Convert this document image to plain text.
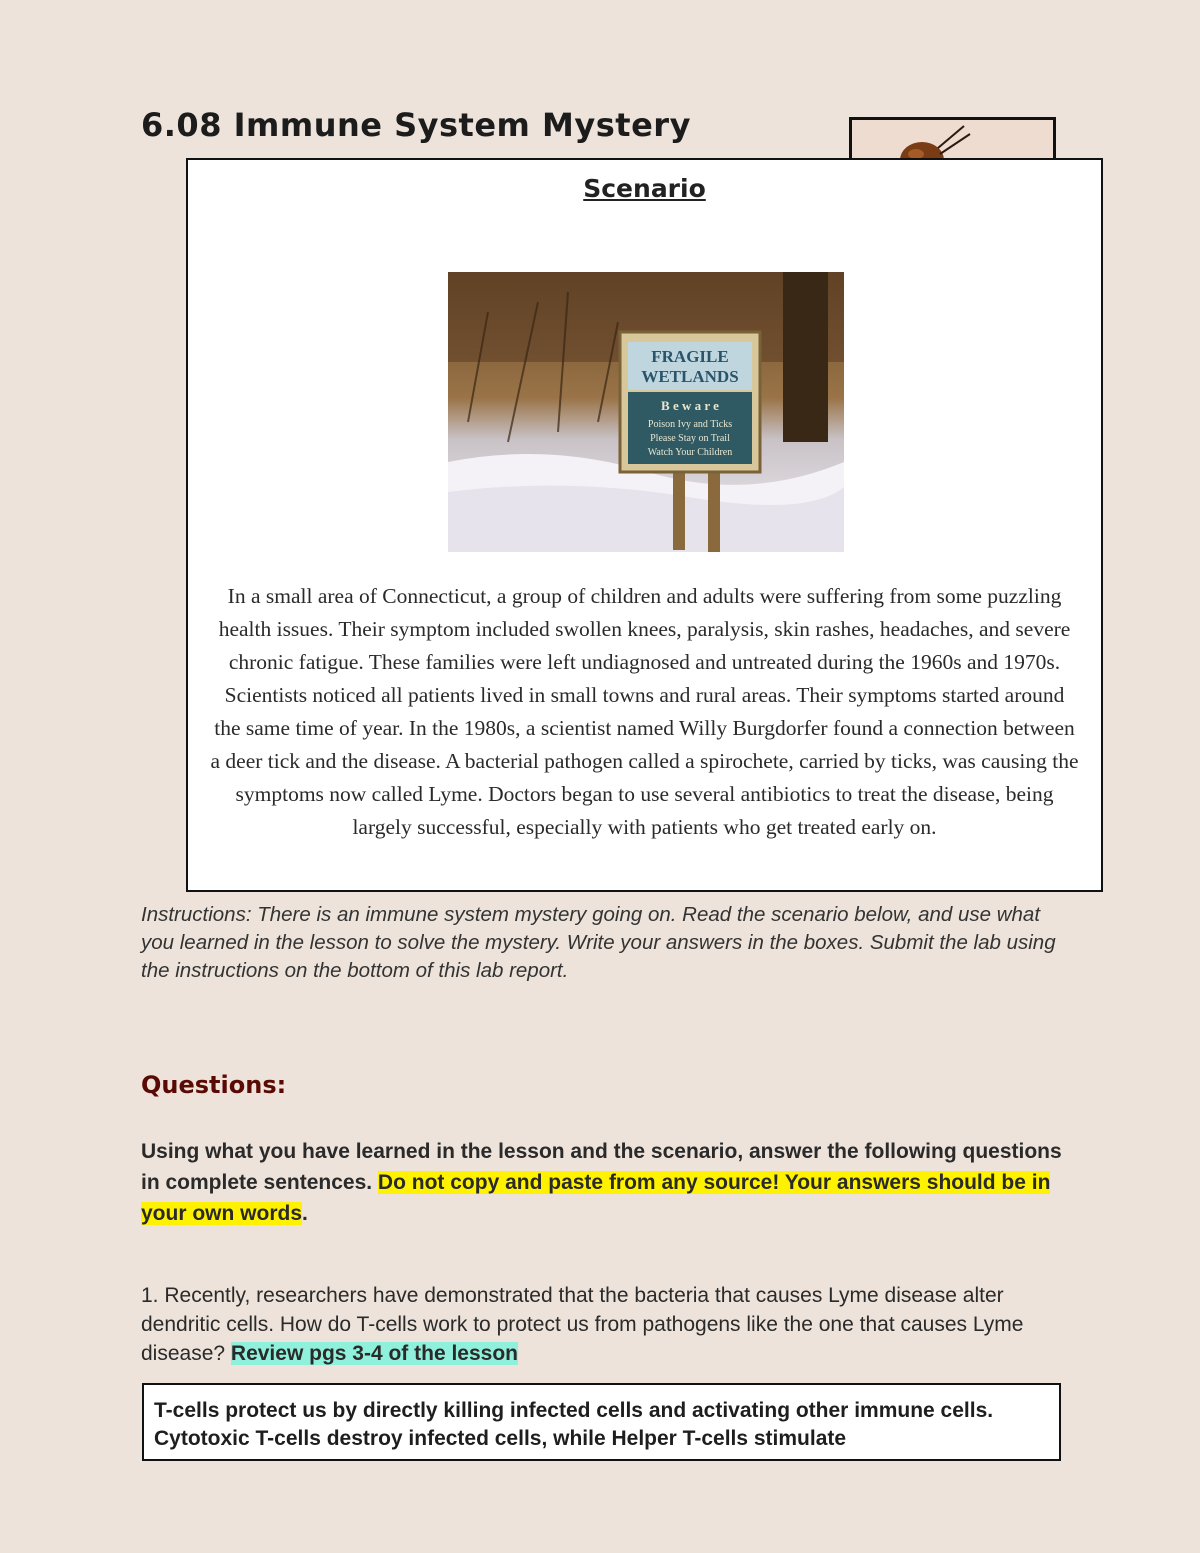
6.08 Immune System Mystery
Scenario
FRAGILE
WETLANDS
B e w a r e
Poison Ivy and Ticks
Please Stay on Trail
Watch Your Children

In a small area of Connecticut, a group of children and adults were suffering from some puzzling health issues. Their symptom included swollen knees, paralysis, skin rashes, headaches, and severe chronic fatigue. These families were left undiagnosed and untreated during the 1960s and 1970s. Scientists noticed all patients lived in small towns and rural areas. Their symptoms started around the same time of year. In the 1980s, a scientist named Willy Burgdorfer found a connection between a deer tick and the disease. A bacterial pathogen called a spirochete, carried by ticks, was causing the symptoms now called Lyme. Doctors began to use several antibiotics to treat the disease, being largely successful, especially with patients who get treated early on.

Instructions: There is an immune system mystery going on. Read the scenario below, and use what you learned in the lesson to solve the mystery. Write your answers in the boxes. Submit the lab using the instructions on the bottom of this lab report.

Questions:

Using what you have learned in the lesson and the scenario, answer the following questions in complete sentences. Do not copy and paste from any source! Your answers should be in your own words.

1. Recently, researchers have demonstrated that the bacteria that causes Lyme disease alter dendritic cells. How do T-cells work to protect us from pathogens like the one that causes Lyme disease? Review pgs 3-4 of the lesson

T-cells protect us by directly killing infected cells and activating other immune cells. Cytotoxic T-cells destroy infected cells, while Helper T-cells stimulate
